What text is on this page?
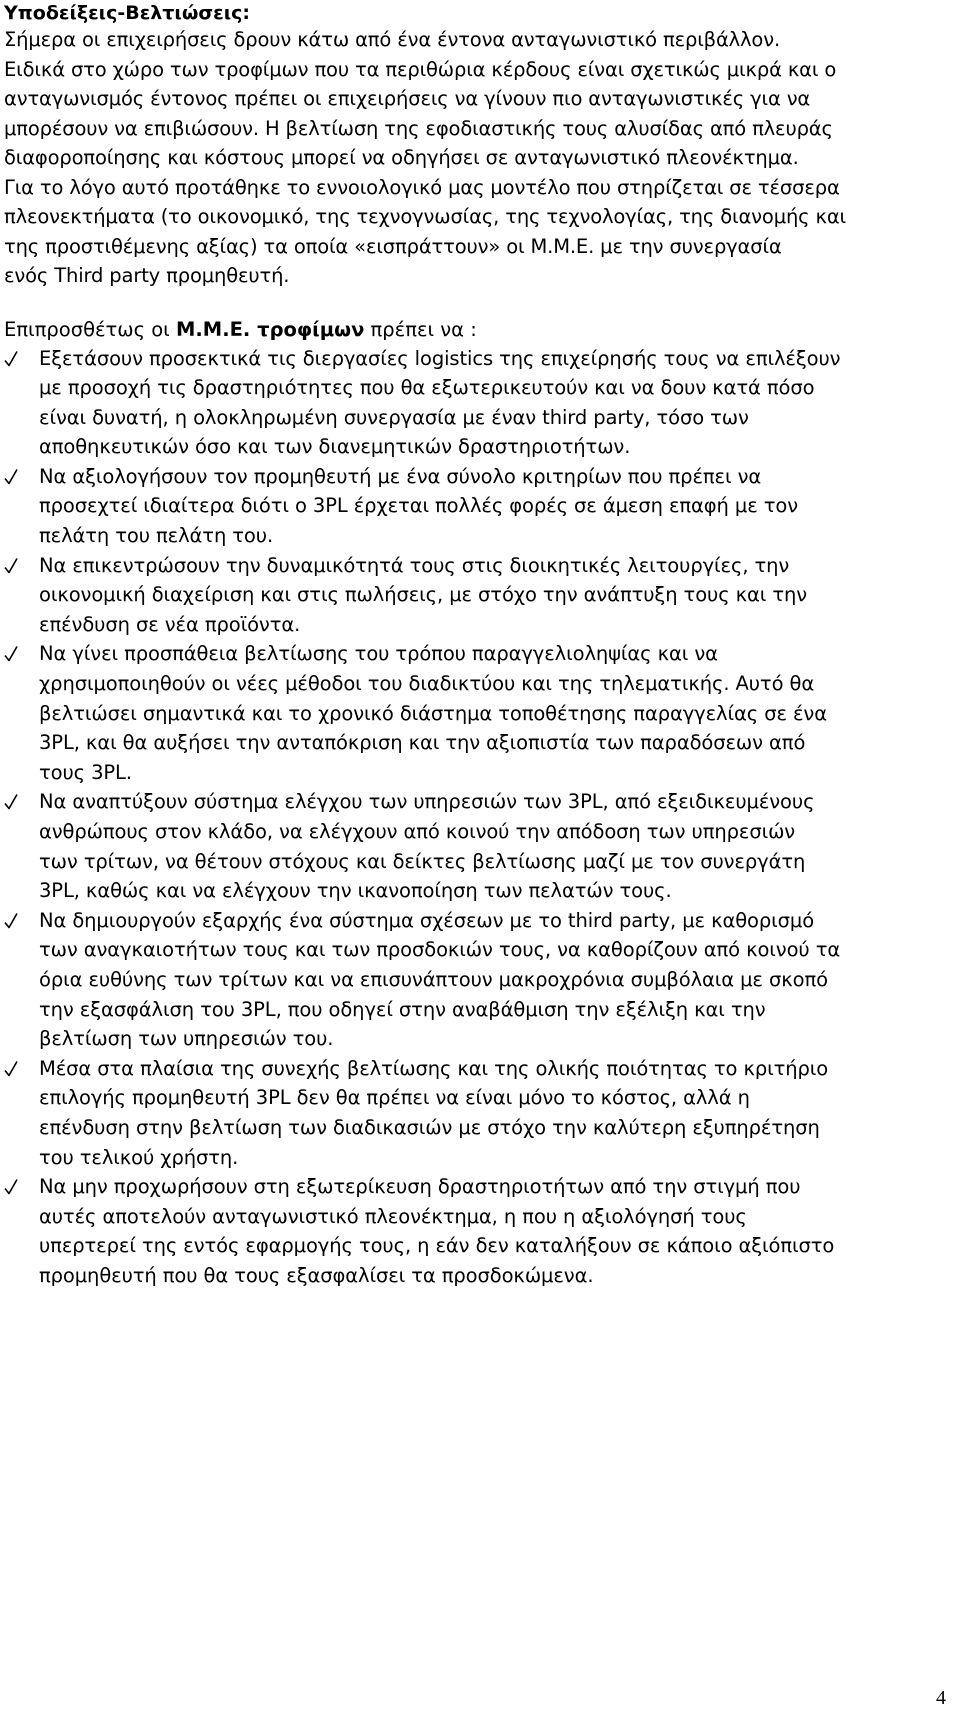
Υποδείξεις-Βελτιώσεις:

Σήμερα οι επιχειρήσεις δρουν κάτω από ένα έντονα ανταγωνιστικό περιβάλλον.

Ειδικά στο χώρο των τροφίμων που τα περιθώρια κέρδους είναι σχετικώς μικρά και ο

ανταγωνισμός έντονος πρέπει οι επιχειρήσεις να γίνουν πιο ανταγωνιστικές για να

μπορέσουν να επιβιώσουν. Η βελτίωση της εφοδιαστικής τους αλυσίδας από πλευράς

διαφοροποίησης και κόστους μπορεί να οδηγήσει σε ανταγωνιστικό πλεονέκτημα.

Για το λόγο αυτό προτάθηκε το εννοιολογικό μας μοντέλο που στηρίζεται σε τέσσερα

πλεονεκτήματα (το οικονομικό, της τεχνογνωσίας, της τεχνολογίας, της διανομής και

της προστιθέμενης αξίας) τα οποία «εισπράττουν» οι Μ.Μ.Ε. με την συνεργασία

ενός Third party προμηθευτή.

Επιπροσθέτως οι Μ.Μ.Ε. τροφίμων πρέπει να :

Εξετάσουν προσεκτικά τις διεργασίες logistics της επιχείρησής τους να επιλέξουν
με προσοχή τις δραστηριότητες που θα εξωτερικευτούν και να δουν κατά πόσο
είναι δυνατή, η ολοκληρωμένη συνεργασία με έναν third party, τόσο των
αποθηκευτικών όσο και των διανεμητικών δραστηριοτήτων.
Να αξιολογήσουν τον προμηθευτή με ένα σύνολο κριτηρίων που πρέπει να
προσεχτεί ιδιαίτερα διότι ο 3PL έρχεται πολλές φορές σε άμεση επαφή με τον
πελάτη του πελάτη του.
Να επικεντρώσουν την δυναμικότητά τους στις διοικητικές λειτουργίες, την
οικονομική διαχείριση και στις πωλήσεις, με στόχο την ανάπτυξη τους και την
επένδυση σε νέα προϊόντα.
Να γίνει προσπάθεια βελτίωσης του τρόπου παραγγελιοληψίας και να
χρησιμοποιηθούν οι νέες μέθοδοι του διαδικτύου και της τηλεματικής. Αυτό θα
βελτιώσει σημαντικά και το χρονικό διάστημα τοποθέτησης παραγγελίας σε ένα
3PL, και θα αυξήσει την ανταπόκριση και την αξιοπιστία των παραδόσεων από
τους 3PL.
Να αναπτύξουν σύστημα ελέγχου των υπηρεσιών των 3PL, από εξειδικευμένους
ανθρώπους στον κλάδο, να ελέγχουν από κοινού την απόδοση των υπηρεσιών
των τρίτων, να θέτουν στόχους και δείκτες βελτίωσης μαζί με τον συνεργάτη
3PL, καθώς και να ελέγχουν την ικανοποίηση των πελατών τους.
Να δημιουργούν εξαρχής ένα σύστημα σχέσεων με το third party, με καθορισμό
των αναγκαιοτήτων τους και των προσδοκιών τους, να καθορίζουν από κοινού τα
όρια ευθύνης των τρίτων και να επισυνάπτουν μακροχρόνια συμβόλαια με σκοπό
την εξασφάλιση του 3PL, που οδηγεί στην αναβάθμιση την εξέλιξη και την
βελτίωση των υπηρεσιών του.
Μέσα στα πλαίσια της συνεχής βελτίωσης και της ολικής ποιότητας το κριτήριο
επιλογής προμηθευτή 3PL δεν θα πρέπει να είναι μόνο το κόστος, αλλά η
επένδυση στην βελτίωση των διαδικασιών με στόχο την καλύτερη εξυπηρέτηση
του τελικού χρήστη.
Να μην προχωρήσουν στη εξωτερίκευση δραστηριοτήτων από την στιγμή που
αυτές αποτελούν ανταγωνιστικό πλεονέκτημα, η που η αξιολόγησή τους
υπερτερεί της εντός εφαρμογής τους, η εάν δεν καταλήξουν σε κάποιο αξιόπιστο
προμηθευτή που θα τους εξασφαλίσει τα προσδοκώμενα.
4
